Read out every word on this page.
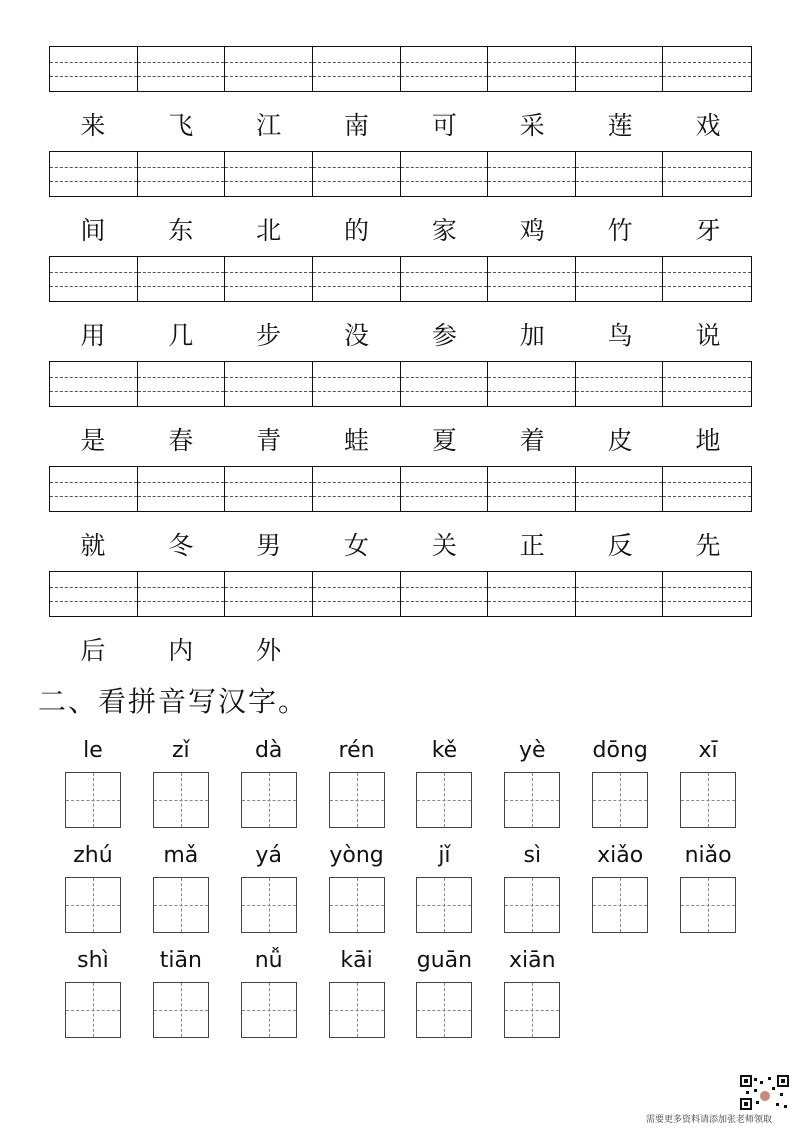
来	飞	江	南	可	采	莲	戏
间	东	北	的	家	鸡	竹	牙
用	几	步	没	参	加	鸟	说
是	春	青	蛙	夏	着	皮	地
就	冬	男	女	关	正	反	先
后	内	外
二、看拼音写汉字。
le	zǐ	dà	rén	kě	yè dōng xī
zhú mǎ	yá yòng jǐ	sì	xiǎo niǎo
shì tiān nǚ	kāi guān xiān
需要更多资料请添加张老师领取
